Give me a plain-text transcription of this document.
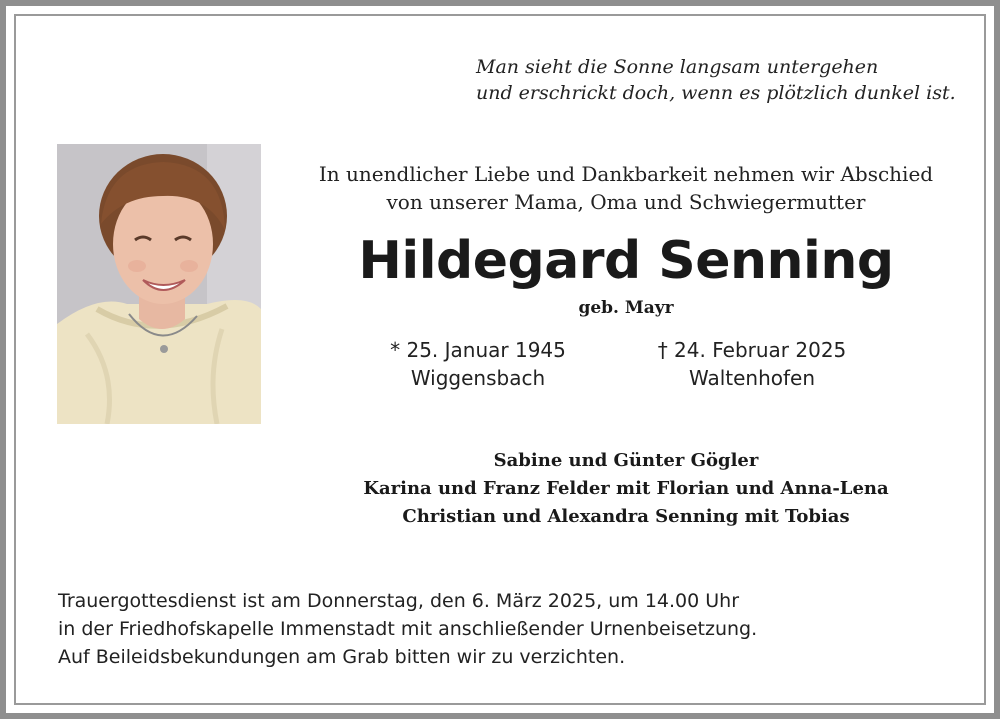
Man sieht die Sonne langsam untergehen
und erschrickt doch, wenn es plötzlich dunkel ist.
In unendlicher Liebe und Dankbarkeit nehmen wir Abschied
von unserer Mama, Oma und Schwiegermutter
Hildegard Senning
geb. Mayr
* 25. Januar 1945
Wiggensbach
† 24. Februar 2025
Waltenhofen
Sabine und Günter Gögler
Karina und Franz Felder mit Florian und Anna-Lena
Christian und Alexandra Senning mit Tobias
Trauergottesdienst ist am Donnerstag, den 6. März 2025, um 14.00 Uhr
in der Friedhofskapelle Immenstadt mit anschließender Urnenbeisetzung.
Auf Beileidsbekundungen am Grab bitten wir zu verzichten.
